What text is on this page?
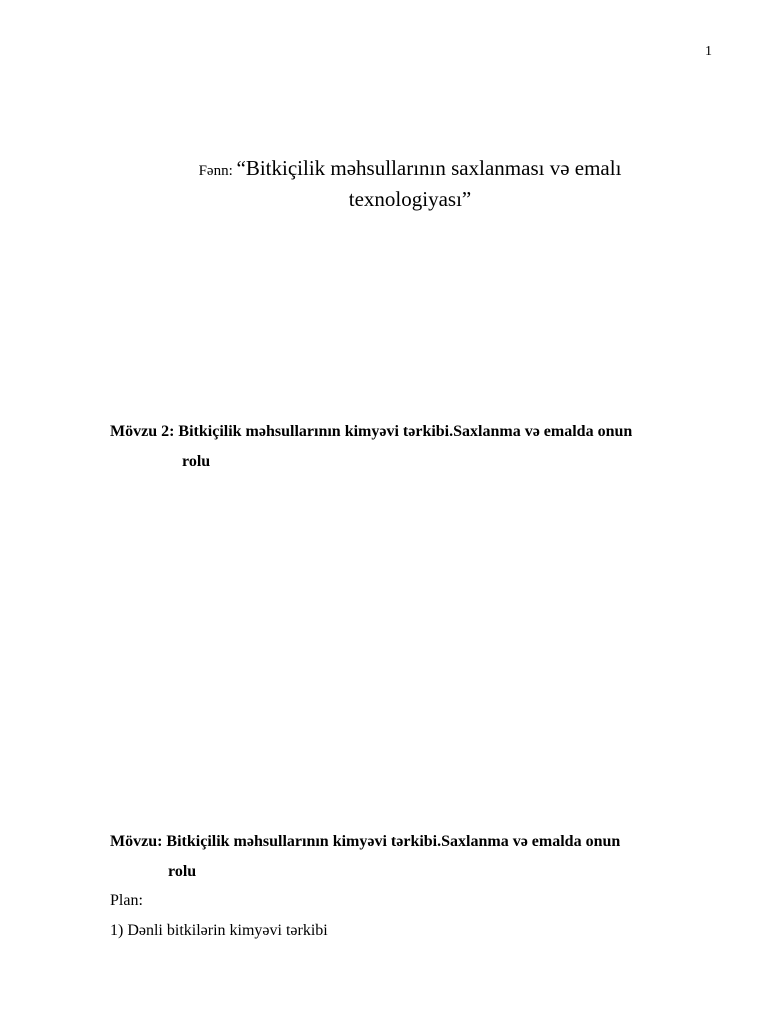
1
Fənn: “Bitkiçilik məhsullarının saxlanması və emalı
texnologiyası”
Mövzu 2: Bitkiçilik məhsullarının kimyəvi tərkibi.Saxlanma və emalda onun
rolu
Mövzu: Bitkiçilik məhsullarının kimyəvi tərkibi.Saxlanma və emalda onun
rolu
Plan:
1) Dənli bitkilərin kimyəvi tərkibi
